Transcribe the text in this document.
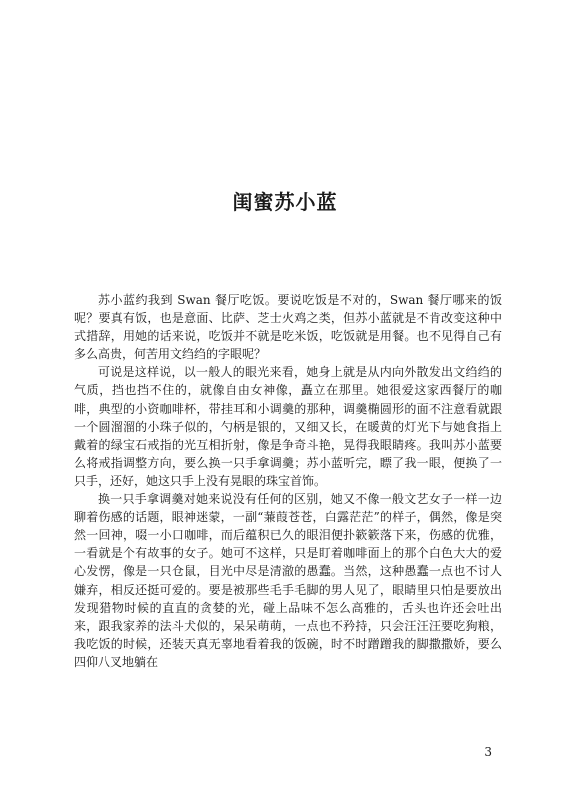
闺蜜苏小蓝

苏小蓝约我到 Swan 餐厅吃饭。要说吃饭是不对的，Swan 餐厅哪来的饭呢？要真有饭，也是意面、比萨、芝士火鸡之类，但苏小蓝就是不肯改变这种中式措辞，用她的话来说，吃饭并不就是吃米饭，吃饭就是用餐。也不见得自己有多么高贵，何苦用文绉绉的字眼呢？

可说是这样说，以一般人的眼光来看，她身上就是从内向外散发出文绉绉的气质，挡也挡不住的，就像自由女神像，矗立在那里。她很爱这家西餐厅的咖啡，典型的小资咖啡杯，带挂耳和小调羹的那种，调羹椭圆形的面不注意看就跟一个圆溜溜的小珠子似的，勺柄是银的，又细又长，在暖黄的灯光下与她食指上戴着的绿宝石戒指的光互相折射，像是争奇斗艳，晃得我眼睛疼。我叫苏小蓝要么将戒指调整方向，要么换一只手拿调羹；苏小蓝听完，瞟了我一眼，便换了一只手，还好，她这只手上没有晃眼的珠宝首饰。

换一只手拿调羹对她来说没有任何的区别，她又不像一般文艺女子一样一边聊着伤感的话题，眼神迷蒙，一副“蒹葭苍苍，白露茫茫”的样子，偶然，像是突然一回神，啜一小口咖啡，而后蕴积已久的眼泪便扑簌簌落下来，伤感的优雅，一看就是个有故事的女子。她可不这样，只是盯着咖啡面上的那个白色大大的爱心发愣，像是一只仓鼠，目光中尽是清澈的愚蠢。当然，这种愚蠢一点也不讨人嫌弃，相反还挺可爱的。要是被那些毛手毛脚的男人见了，眼睛里只怕是要放出发现猎物时候的直直的贪婪的光，碰上品味不怎么高雅的，舌头也许还会吐出来，跟我家养的法斗犬似的，呆呆萌萌，一点也不矜持，只会汪汪汪要吃狗粮，我吃饭的时候，还装天真无辜地看着我的饭碗，时不时蹭蹭我的脚撒撒娇，要么四仰八叉地躺在

3
